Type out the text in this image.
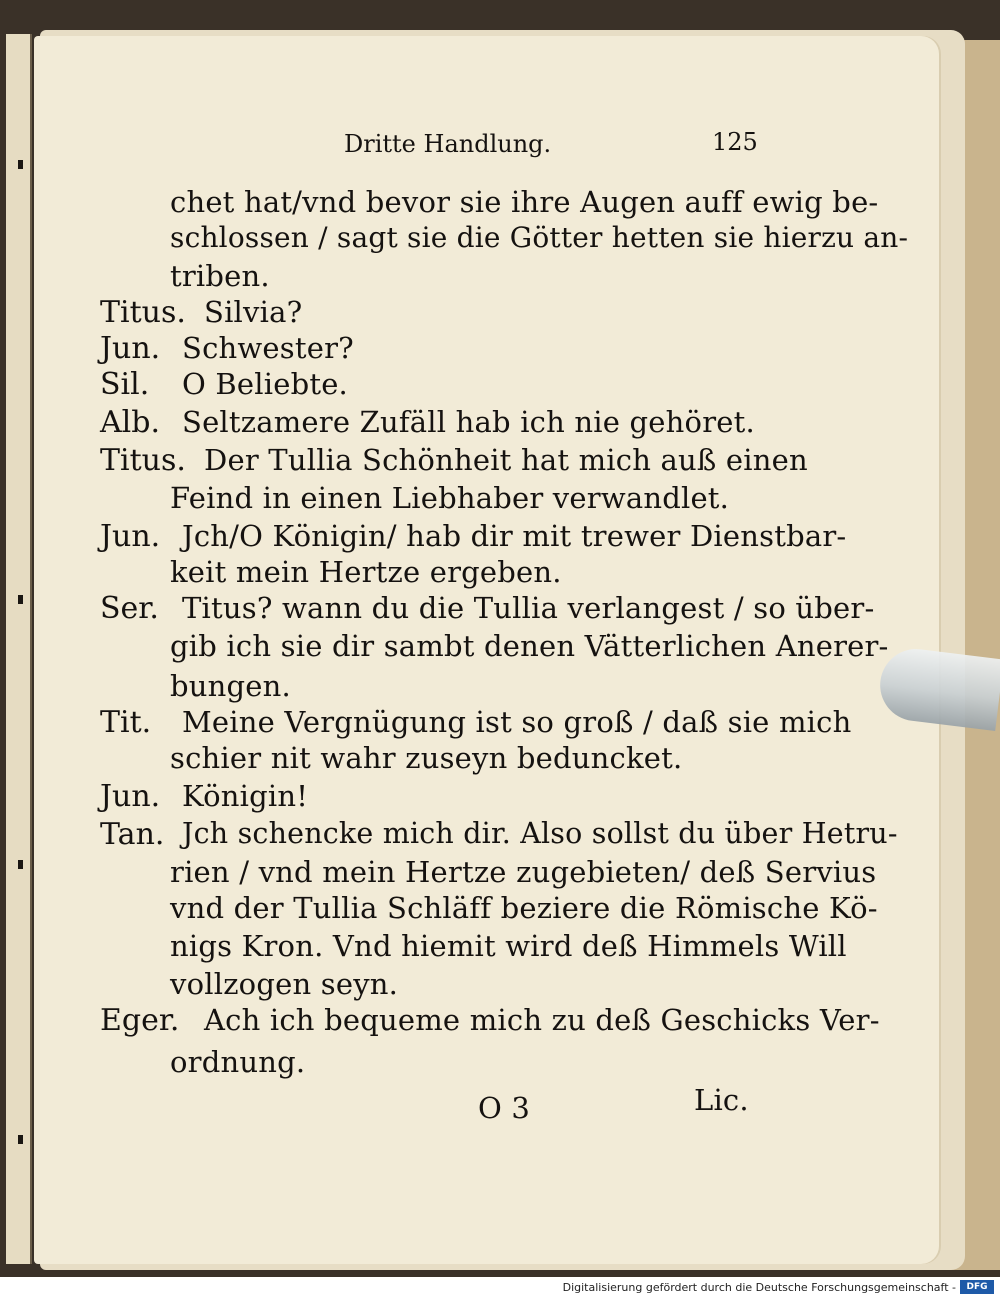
Dritte Handlung.	125
chet hat/vnd bevor sie ihre Augen auff ewig be-
schlossen / sagt sie die Götter hetten sie hierzu an-
triben.
Titus. Silvia?
Jun. Schwester?
Sil. O Beliebte.
Alb. Seltzamere Zufäll hab ich nie gehöret.
Titus. Der Tullia Schönheit hat mich auß einen
Feind in einen Liebhaber verwandlet.
Jun. Jch/O Königin/ hab dir mit trewer Dienstbar-
keit mein Hertze ergeben.
Ser. Titus? wann du die Tullia verlangest / so über-
gib ich sie dir sambt denen Vätterlichen Anerer-
bungen.
Tit. Meine Vergnügung ist so groß / daß sie mich
schier nit wahr zuseyn beduncket.
Jun. Königin!
Tan. Jch schencke mich dir. Also sollst du über Hetru-
rien / vnd mein Hertze zugebieten/ deß Servius
vnd der Tullia Schläff beziere die Römische Kö-
nigs Kron. Vnd hiemit wird deß Himmels Will
vollzogen seyn.
Eger. Ach ich bequeme mich zu deß Geschicks Ver-
ordnung.
O 3	Lic.
Digitalisierung gefördert durch die Deutsche Forschungsgemeinschaft -	DFG
